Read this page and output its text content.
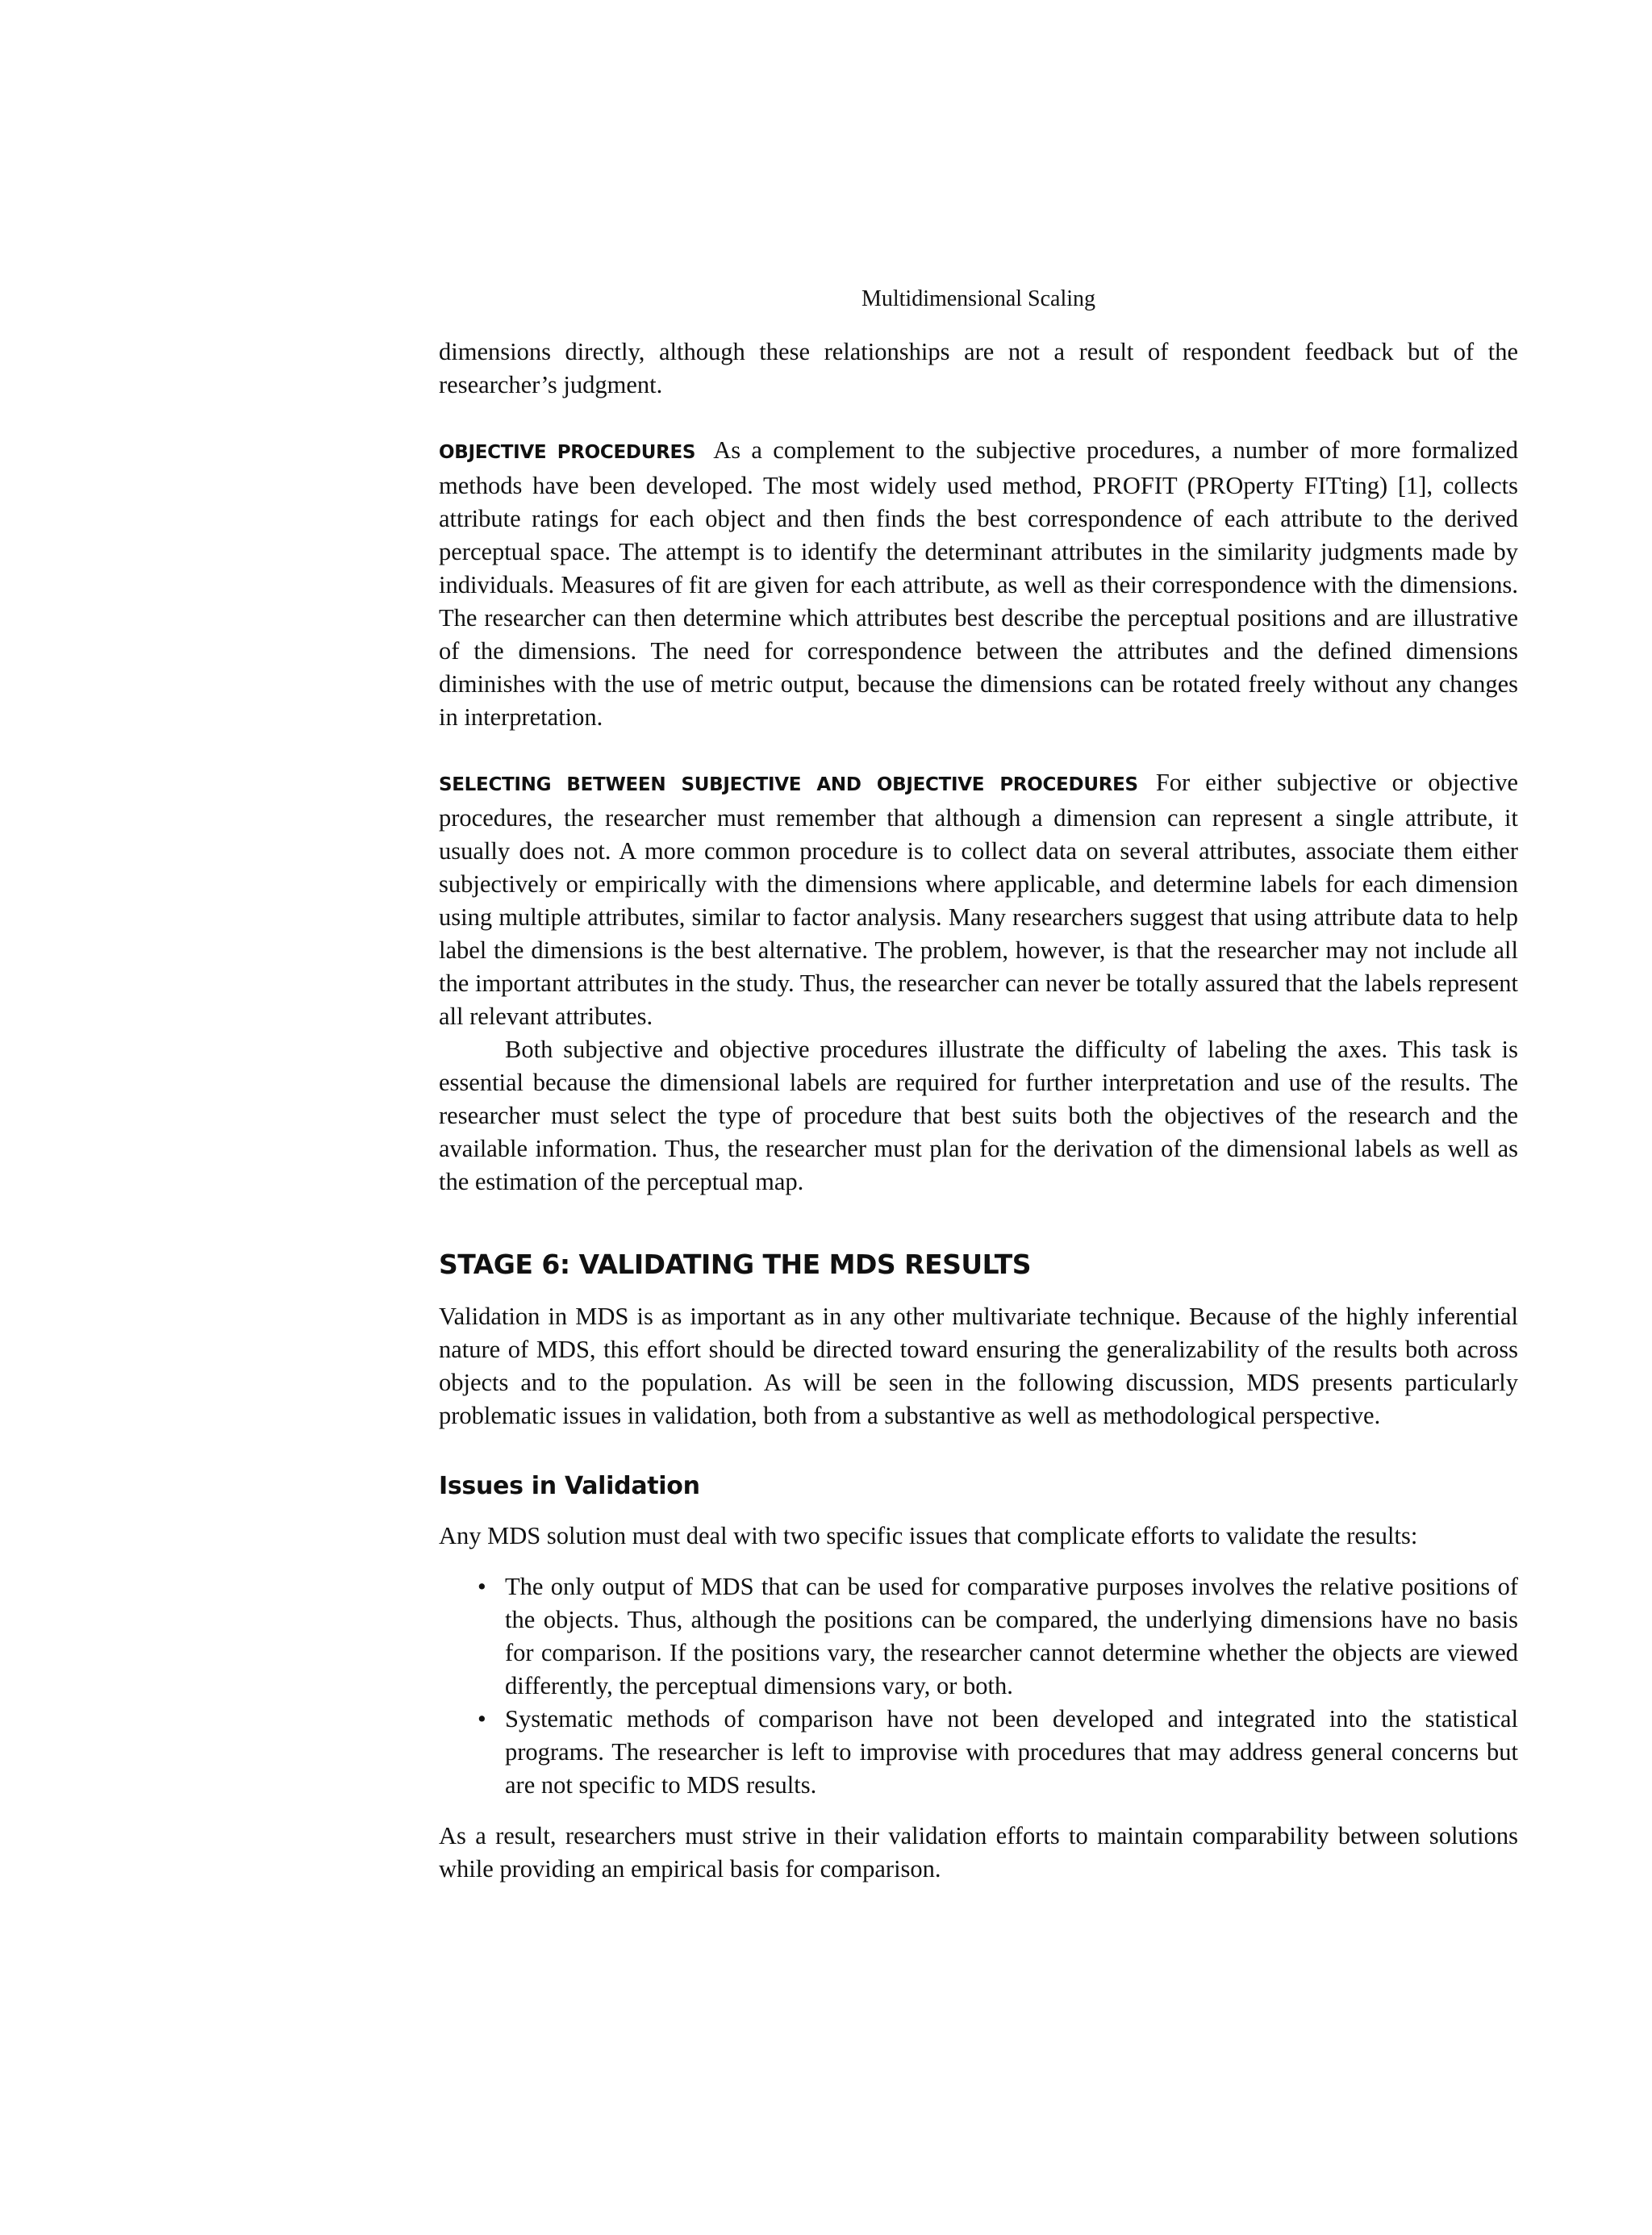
Multidimensional Scaling

dimensions directly, although these relationships are not a result of respondent feedback but of the researcher’s judgment.

OBJECTIVE PROCEDURES As a complement to the subjective procedures, a number of more formalized methods have been developed. The most widely used method, PROFIT (PROperty FITting) [1], collects attribute ratings for each object and then finds the best correspondence of each attribute to the derived perceptual space. The attempt is to identify the determinant attributes in the similarity judgments made by individuals. Measures of fit are given for each attribute, as well as their correspondence with the dimensions. The researcher can then determine which attributes best describe the perceptual positions and are illustrative of the dimensions. The need for correspondence between the attributes and the defined dimensions diminishes with the use of metric output, because the dimensions can be rotated freely without any changes in interpretation.

SELECTING BETWEEN SUBJECTIVE AND OBJECTIVE PROCEDURES For either subjective or objective procedures, the researcher must remember that although a dimension can represent a single attribute, it usually does not. A more common procedure is to collect data on several attributes, associate them either subjectively or empirically with the dimensions where applicable, and determine labels for each dimension using multiple attributes, similar to factor analysis. Many researchers suggest that using attribute data to help label the dimensions is the best alternative. The problem, however, is that the researcher may not include all the important attributes in the study. Thus, the researcher can never be totally assured that the labels represent all relevant attributes.

Both subjective and objective procedures illustrate the difficulty of labeling the axes. This task is essential because the dimensional labels are required for further interpretation and use of the results. The researcher must select the type of procedure that best suits both the objectives of the research and the available information. Thus, the researcher must plan for the derivation of the dimensional labels as well as the estimation of the perceptual map.

STAGE 6: VALIDATING THE MDS RESULTS

Validation in MDS is as important as in any other multivariate technique. Because of the highly inferential nature of MDS, this effort should be directed toward ensuring the generalizability of the results both across objects and to the population. As will be seen in the following discussion, MDS presents particularly problematic issues in validation, both from a substantive as well as methodological perspective.

Issues in Validation

Any MDS solution must deal with two specific issues that complicate efforts to validate the results:

• The only output of MDS that can be used for comparative purposes involves the relative positions of the objects. Thus, although the positions can be compared, the underlying dimensions have no basis for comparison. If the positions vary, the researcher cannot determine whether the objects are viewed differently, the perceptual dimensions vary, or both.
• Systematic methods of comparison have not been developed and integrated into the statistical programs. The researcher is left to improvise with procedures that may address general concerns but are not specific to MDS results.

As a result, researchers must strive in their validation efforts to maintain comparability between solutions while providing an empirical basis for comparison.
